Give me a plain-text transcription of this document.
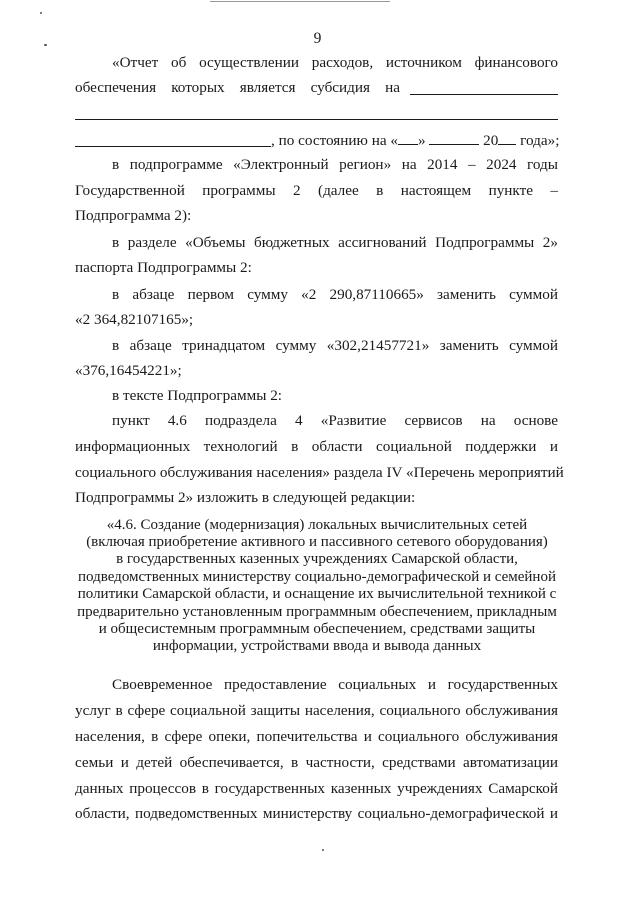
9
«Отчет об осуществлении расходов, источником финансового
обеспечения которых является субсидия на
, по состоянию на « »	20 года»;
в подпрограмме «Электронный регион» на 2014 – 2024 годы
Государственной программы 2 (далее в настоящем пункте –
Подпрограмма 2):
в разделе «Объемы бюджетных ассигнований Подпрограммы 2»
паспорта Подпрограммы 2:
в абзаце первом сумму «2 290,87110665» заменить суммой
«2 364,82107165»;
в абзаце тринадцатом сумму «302,21457721» заменить суммой
«376,16454221»;
в тексте Подпрограммы 2:
пункт 4.6 подраздела 4 «Развитие сервисов на основе
информационных технологий в области социальной поддержки и
социального обслуживания населения» раздела IV «Перечень мероприятий
Подпрограммы 2» изложить в следующей редакции:
«4.6. Создание (модернизация) локальных вычислительных сетей
(включая приобретение активного и пассивного сетевого оборудования)
в государственных казенных учреждениях Самарской области,
подведомственных министерству социально-демографической и семейной
политики Самарской области, и оснащение их вычислительной техникой с
предварительно установленным программным обеспечением, прикладным
и общесистемным программным обеспечением, средствами защиты
информации, устройствами ввода и вывода данных
Своевременное предоставление социальных и государственных
услуг в сфере социальной защиты населения, социального обслуживания
населения, в сфере опеки, попечительства и социального обслуживания
семьи и детей обеспечивается, в частности, средствами автоматизации
данных процессов в государственных казенных учреждениях Самарской
области, подведомственных министерству социально-демографической и
